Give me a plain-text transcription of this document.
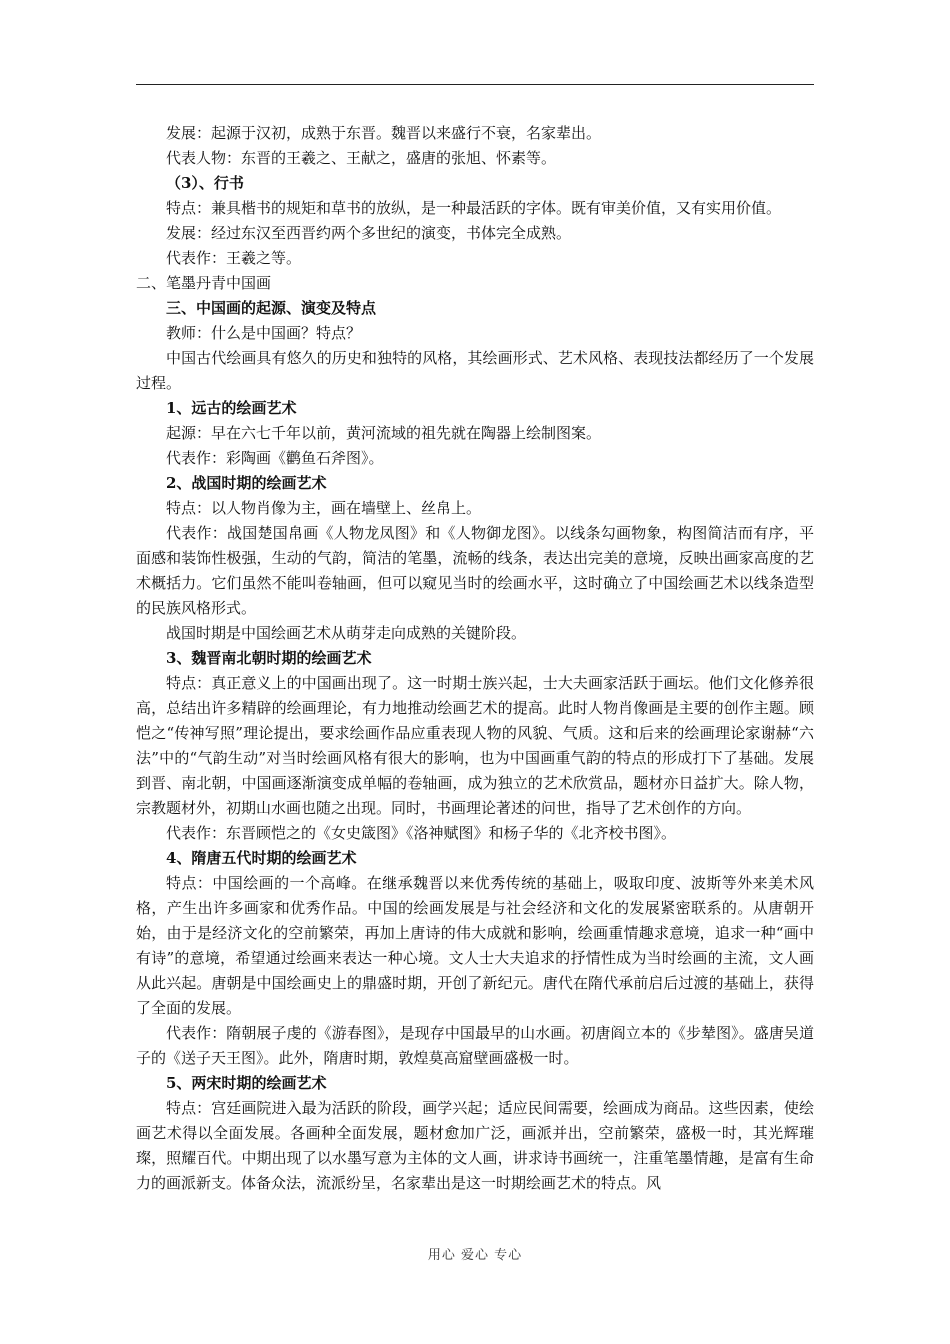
发展：起源于汉初，成熟于东晋。魏晋以来盛行不衰，名家辈出。

代表人物：东晋的王羲之、王献之，盛唐的张旭、怀素等。

（3）、行书

特点：兼具楷书的规矩和草书的放纵，是一种最活跃的字体。既有审美价值，又有实用价值。

发展：经过东汉至西晋约两个多世纪的演变，书体完全成熟。

代表作：王羲之等。

二、笔墨丹青中国画

三、中国画的起源、演变及特点

教师：什么是中国画？特点？

中国古代绘画具有悠久的历史和独特的风格，其绘画形式、艺术风格、表现技法都经历了一个发展过程。

1、远古的绘画艺术

起源：早在六七千年以前，黄河流域的祖先就在陶器上绘制图案。

代表作：彩陶画《鹳鱼石斧图》。

2、战国时期的绘画艺术

特点：以人物肖像为主，画在墙壁上、丝帛上。

代表作：战国楚国帛画《人物龙凤图》和《人物御龙图》。以线条勾画物象，构图简洁而有序，平面感和装饰性极强，生动的气韵，简洁的笔墨，流畅的线条，表达出完美的意境，反映出画家高度的艺术概括力。它们虽然不能叫卷轴画，但可以窥见当时的绘画水平，这时确立了中国绘画艺术以线条造型的民族风格形式。

战国时期是中国绘画艺术从萌芽走向成熟的关键阶段。

3、魏晋南北朝时期的绘画艺术

特点：真正意义上的中国画出现了。这一时期士族兴起，士大夫画家活跃于画坛。他们文化修养很高，总结出许多精辟的绘画理论，有力地推动绘画艺术的提高。此时人物肖像画是主要的创作主题。顾恺之“传神写照”理论提出，要求绘画作品应重表现人物的风貌、气质。这和后来的绘画理论家谢赫“六法”中的“气韵生动”对当时绘画风格有很大的影响，也为中国画重气韵的特点的形成打下了基础。发展到晋、南北朝，中国画逐渐演变成单幅的卷轴画，成为独立的艺术欣赏品，题材亦日益扩大。除人物，宗教题材外，初期山水画也随之出现。同时，书画理论著述的问世，指导了艺术创作的方向。

代表作：东晋顾恺之的《女史箴图》《洛神赋图》和杨子华的《北齐校书图》。

4、隋唐五代时期的绘画艺术

特点：中国绘画的一个高峰。在继承魏晋以来优秀传统的基础上，吸取印度、波斯等外来美术风格，产生出许多画家和优秀作品。中国的绘画发展是与社会经济和文化的发展紧密联系的。从唐朝开始，由于是经济文化的空前繁荣，再加上唐诗的伟大成就和影响，绘画重情趣求意境，追求一种“画中有诗”的意境，希望通过绘画来表达一种心境。文人士大夫追求的抒情性成为当时绘画的主流，文人画从此兴起。唐朝是中国绘画史上的鼎盛时期，开创了新纪元。唐代在隋代承前启后过渡的基础上，获得了全面的发展。

代表作：隋朝展子虔的《游春图》，是现存中国最早的山水画。初唐阎立本的《步辇图》。盛唐吴道子的《送子天王图》。此外，隋唐时期，敦煌莫高窟壁画盛极一时。

5、两宋时期的绘画艺术

特点：宫廷画院进入最为活跃的阶段，画学兴起；适应民间需要，绘画成为商品。这些因素，使绘画艺术得以全面发展。各画种全面发展，题材愈加广泛，画派并出，空前繁荣，盛极一时，其光辉璀璨，照耀百代。中期出现了以水墨写意为主体的文人画，讲求诗书画统一，注重笔墨情趣，是富有生命力的画派新支。体备众法，流派纷呈，名家辈出是这一时期绘画艺术的特点。风

用心 爱心 专心
